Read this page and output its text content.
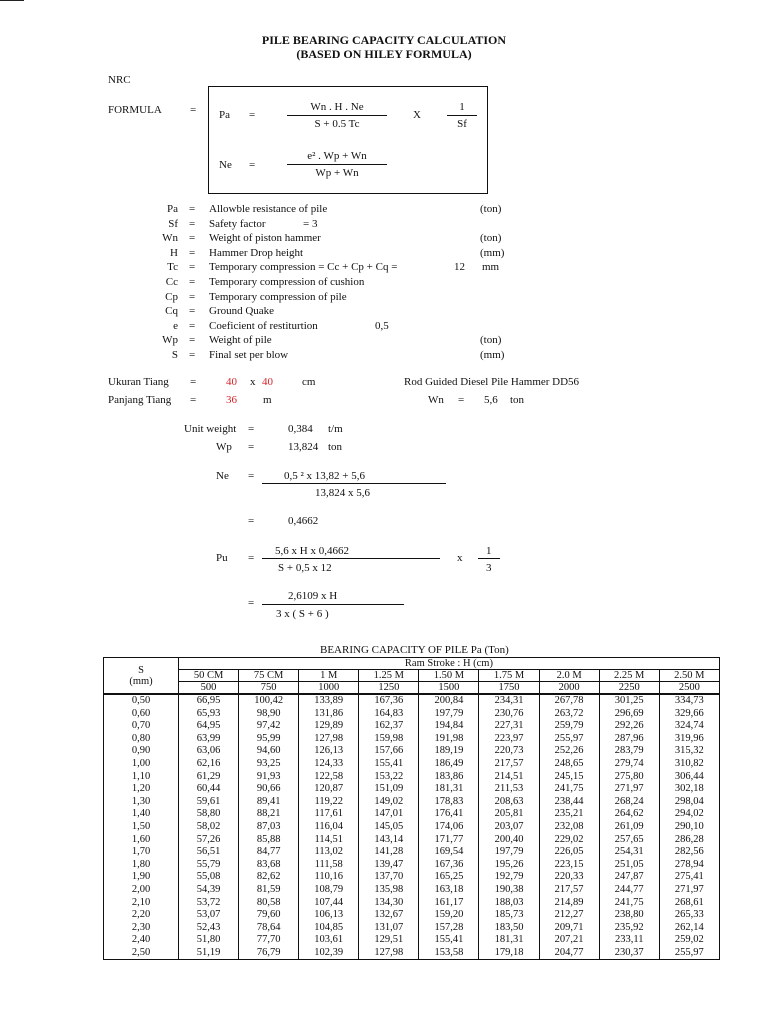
PILE BEARING CAPACITY CALCULATION
(BASED ON HILEY FORMULA)
NRC
FORMULA	= Pa =	$\frac{Wn . H . Ne}{S + 0.5 Tc}$ X $\frac{1}{Sf}$
Ne =	$\frac{\text{e² . Wp + Wn}}{Wp + Wn}$
Pa = Allowble resistance of pile	(ton)
Sf = Safety factor	= 3
Wn = Weight of piston hammer	(ton)
H = Hammer Drop height	(mm)
Tc = Temporary compression = Cc + Cp + Cq =	12 mm
Cc = Temporary compression of cushion
Cp = Temporary compression of pile
Cq = Ground Quake
e = Coeficient of restiturtion	0,5
Wp = Weight of pile	(ton)
S = Final set per blow	(mm)
Ukuran Tiang =	40 x 40	cm
Panjang Tiang =	36 m
Rod Guided Diesel Pile Hammer DD56
Wn = 5,6 ton
Unit weight =	0,384 t/m
Wp =	13,824 ton
Ne =	0,5 ² x 13,82 + 5,6
13,824 x 5,6
=	0,4662
Pu =
5,6 x H x 0,4662
S + 0,5 x 12
x
1
3
=
2,6109 x H
3 x ( S + 6 )
BEARING CAPACITY OF PILE Pa (Ton)
S
(mm)	Ram Stroke : H (cm)								
	50 CM	75 CM	1 M	1.25 M	1.50 M	1.75 M	2.0 M	2.25 M	2.50 M
	500	750	1000	1250	1500	1750	2000	2250	2500
0,50	66,95	100,42	133,89	167,36	200,84	234,31	267,78	301,25	334,73
0,60	65,93	98,90	131,86	164,83	197,79	230,76	263,72	296,69	329,66
0,70	64,95	97,42	129,89	162,37	194,84	227,31	259,79	292,26	324,74
0,80	63,99	95,99	127,98	159,98	191,98	223,97	255,97	287,96	319,96
0,90	63,06	94,60	126,13	157,66	189,19	220,73	252,26	283,79	315,32
1,00	62,16	93,25	124,33	155,41	186,49	217,57	248,65	279,74	310,82
1,10	61,29	91,93	122,58	153,22	183,86	214,51	245,15	275,80	306,44
1,20	60,44	90,66	120,87	151,09	181,31	211,53	241,75	271,97	302,18
1,30	59,61	89,41	119,22	149,02	178,83	208,63	238,44	268,24	298,04
1,40	58,80	88,21	117,61	147,01	176,41	205,81	235,21	264,62	294,02
1,50	58,02	87,03	116,04	145,05	174,06	203,07	232,08	261,09	290,10
1,60	57,26	85,88	114,51	143,14	171,77	200,40	229,02	257,65	286,28
1,70	56,51	84,77	113,02	141,28	169,54	197,79	226,05	254,31	282,56
1,80	55,79	83,68	111,58	139,47	167,36	195,26	223,15	251,05	278,94
1,90	55,08	82,62	110,16	137,70	165,25	192,79	220,33	247,87	275,41
2,00	54,39	81,59	108,79	135,98	163,18	190,38	217,57	244,77	271,97
2,10	53,72	80,58	107,44	134,30	161,17	188,03	214,89	241,75	268,61
2,20	53,07	79,60	106,13	132,67	159,20	185,73	212,27	238,80	265,33
2,30	52,43	78,64	104,85	131,07	157,28	183,50	209,71	235,92	262,14
2,40	51,80	77,70	103,61	129,51	155,41	181,31	207,21	233,11	259,02
2,50	51,19	76,79	102,39	127,98	153,58	179,18	204,77	230,37	255,97
